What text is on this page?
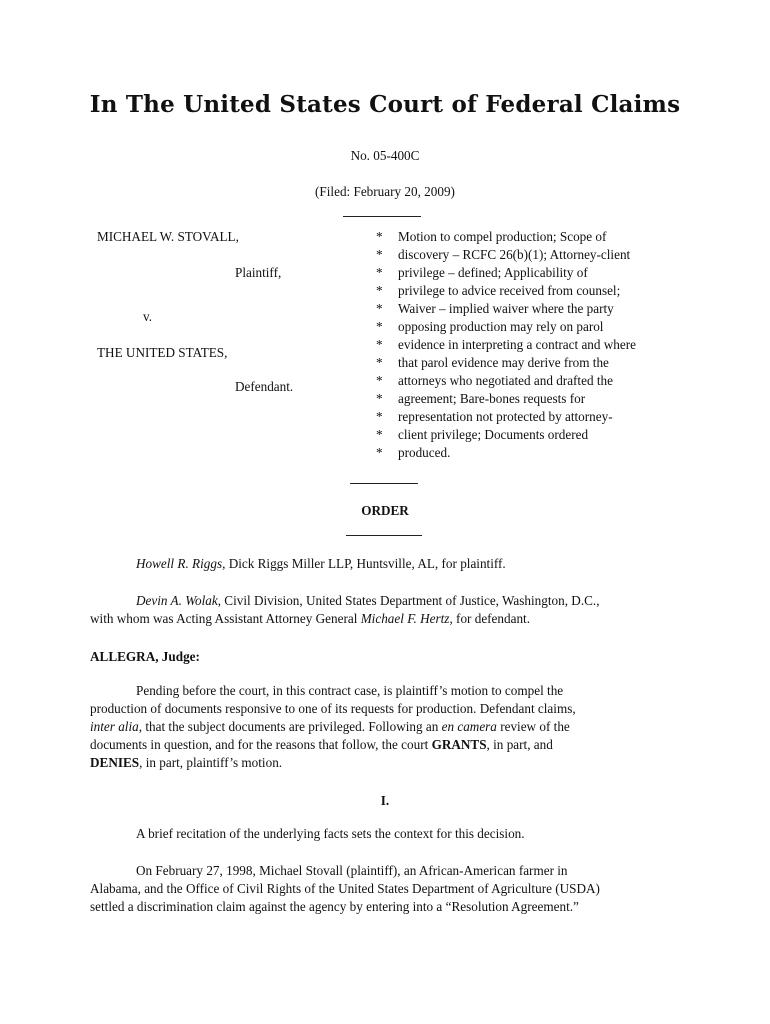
In The United States Court of Federal Claims
No. 05-400C
(Filed: February 20, 2009)
MICHAEL W. STOVALL,
Plaintiff,
v.
THE UNITED STATES,
Defendant.
*
*
*
*
*
*
*
*
*
*
*
*
*
Motion to compel production; Scope of
discovery – RCFC 26(b)(1); Attorney-client
privilege – defined; Applicability of
privilege to advice received from counsel;
Waiver – implied waiver where the party
opposing production may rely on parol
evidence in interpreting a contract and where
that parol evidence may derive from the
attorneys who negotiated and drafted the
agreement; Bare-bones requests for
representation not protected by attorney-
client privilege; Documents ordered
produced.
ORDER
Howell R. Riggs, Dick Riggs Miller LLP, Huntsville, AL, for plaintiff.
Devin A. Wolak, Civil Division, United States Department of Justice, Washington, D.C.,
with whom was Acting Assistant Attorney General Michael F. Hertz, for defendant.
ALLEGRA, Judge:
Pending before the court, in this contract case, is plaintiff’s motion to compel the
production of documents responsive to one of its requests for production. Defendant claims,
inter alia, that the subject documents are privileged. Following an en camera review of the
documents in question, and for the reasons that follow, the court GRANTS, in part, and
DENIES, in part, plaintiff’s motion.
I.
A brief recitation of the underlying facts sets the context for this decision.
On February 27, 1998, Michael Stovall (plaintiff), an African-American farmer in
Alabama, and the Office of Civil Rights of the United States Department of Agriculture (USDA)
settled a discrimination claim against the agency by entering into a “Resolution Agreement.”
